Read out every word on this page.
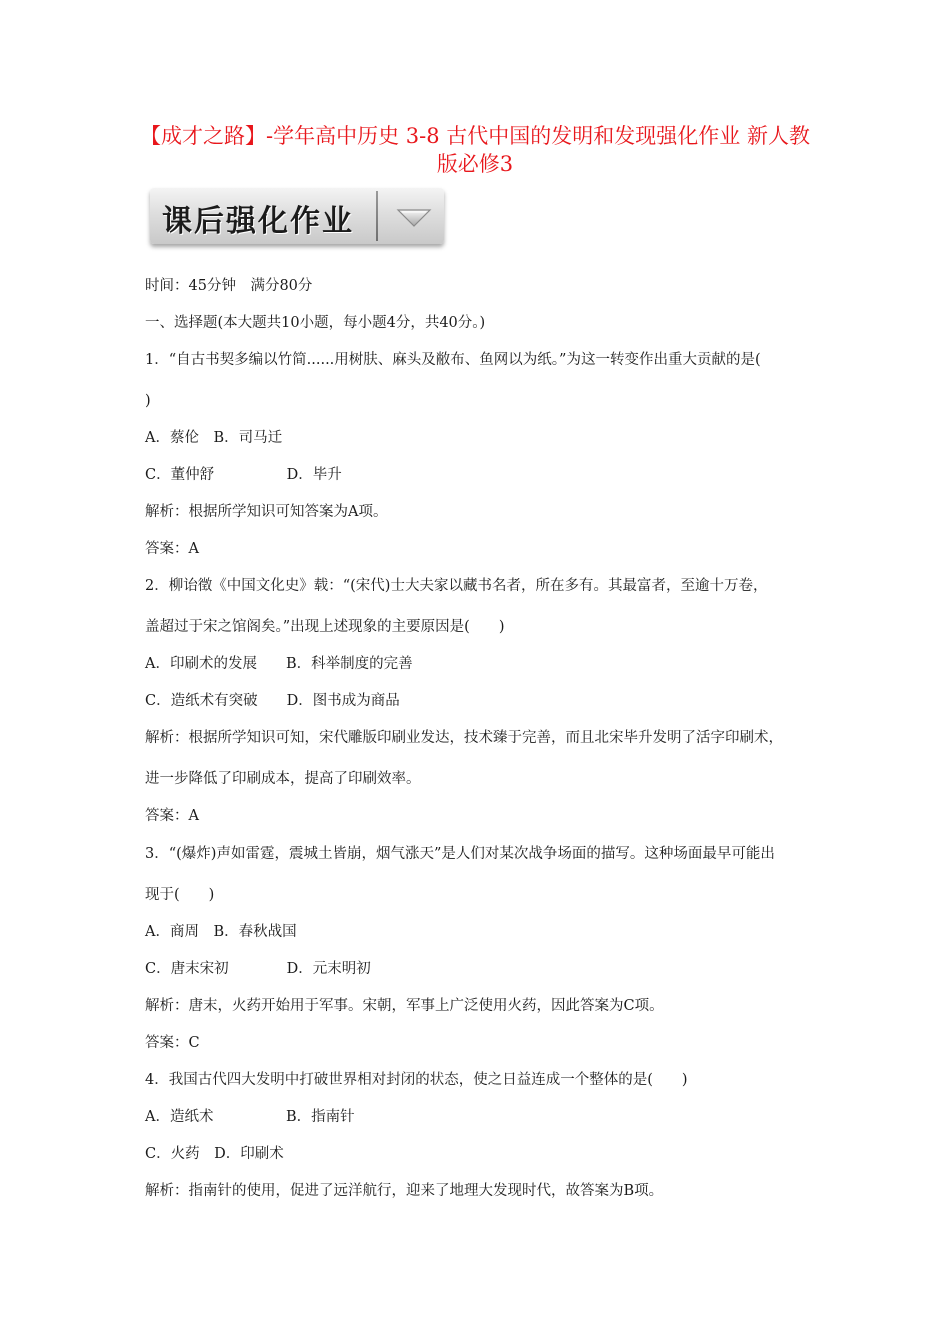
【成才之路】-学年高中历史 3-8 古代中国的发明和发现强化作业 新人教
版必修3
课后强化作业
时间：45分钟　满分80分
一、选择题(本大题共10小题，每小题4分，共40分。)
1．“自古书契多编以竹简......用树肤、麻头及敝布、鱼网以为纸。”为这一转变作出重大贡献的是(
)
A．蔡伦　B．司马迁
C．董仲舒　　　　　D．毕升
解析：根据所学知识可知答案为A项。
答案：A
2．柳诒徵《中国文化史》载：“(宋代)士大夫家以藏书名者，所在多有。其最富者，至逾十万卷，
盖超过于宋之馆阁矣。”出现上述现象的主要原因是(　　)
A．印刷术的发展　　B．科举制度的完善
C．造纸术有突破　　D．图书成为商品
解析：根据所学知识可知，宋代雕版印刷业发达，技术臻于完善，而且北宋毕升发明了活字印刷术，
进一步降低了印刷成本，提高了印刷效率。
答案：A
3．“(爆炸)声如雷霆，震城土皆崩，烟气涨天”是人们对某次战争场面的描写。这种场面最早可能出
现于(　　)
A．商周　B．春秋战国
C．唐末宋初　　　　D．元末明初
解析：唐末，火药开始用于军事。宋朝，军事上广泛使用火药，因此答案为C项。
答案：C
4．我国古代四大发明中打破世界相对封闭的状态，使之日益连成一个整体的是(　　)
A．造纸术　　　　　B．指南针
C．火药　D．印刷术
解析：指南针的使用，促进了远洋航行，迎来了地理大发现时代，故答案为B项。
